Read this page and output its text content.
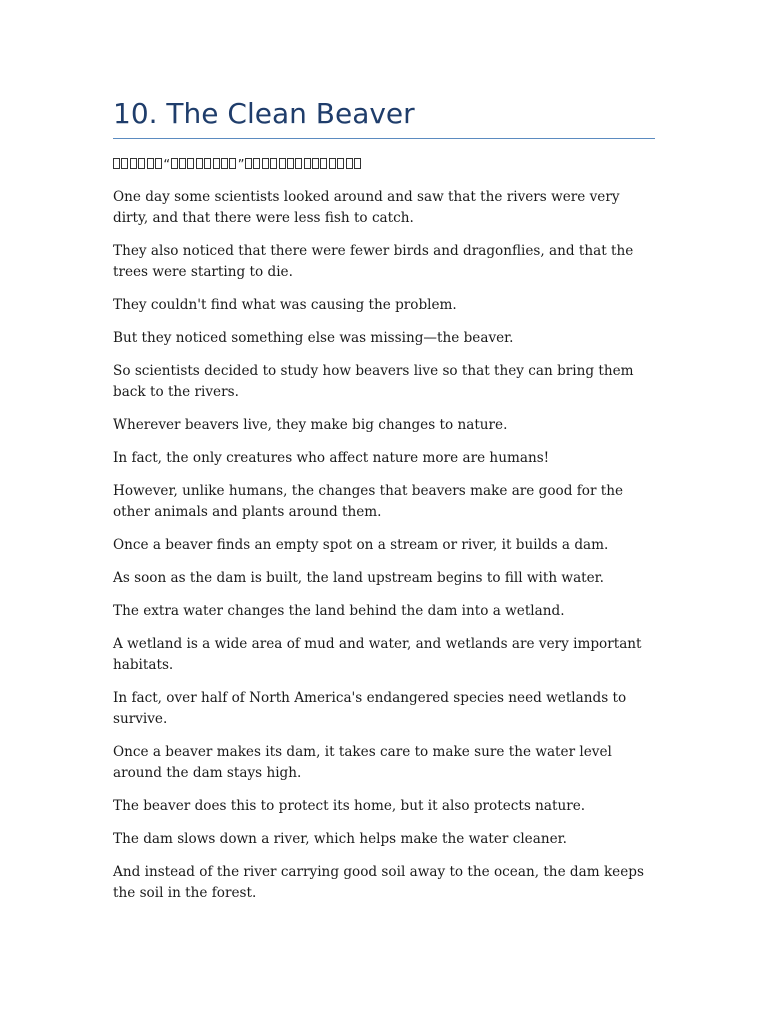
10. The Clean Beaver
“	”

One day some scientists looked around and saw that the rivers were very dirty, and that there were less fish to catch.

They also noticed that there were fewer birds and dragonflies, and that the trees were starting to die.

They couldn't find what was causing the problem.

But they noticed something else was missing—the beaver.

So scientists decided to study how beavers live so that they can bring them back to the rivers.

Wherever beavers live, they make big changes to nature.

In fact, the only creatures who affect nature more are humans!

However, unlike humans, the changes that beavers make are good for the other animals and plants around them.

Once a beaver finds an empty spot on a stream or river, it builds a dam.

As soon as the dam is built, the land upstream begins to fill with water.

The extra water changes the land behind the dam into a wetland.

A wetland is a wide area of mud and water, and wetlands are very important habitats.

In fact, over half of North America's endangered species need wetlands to survive.

Once a beaver makes its dam, it takes care to make sure the water level around the dam stays high.

The beaver does this to protect its home, but it also protects nature.

The dam slows down a river, which helps make the water cleaner.

And instead of the river carrying good soil away to the ocean, the dam keeps the soil in the forest.
